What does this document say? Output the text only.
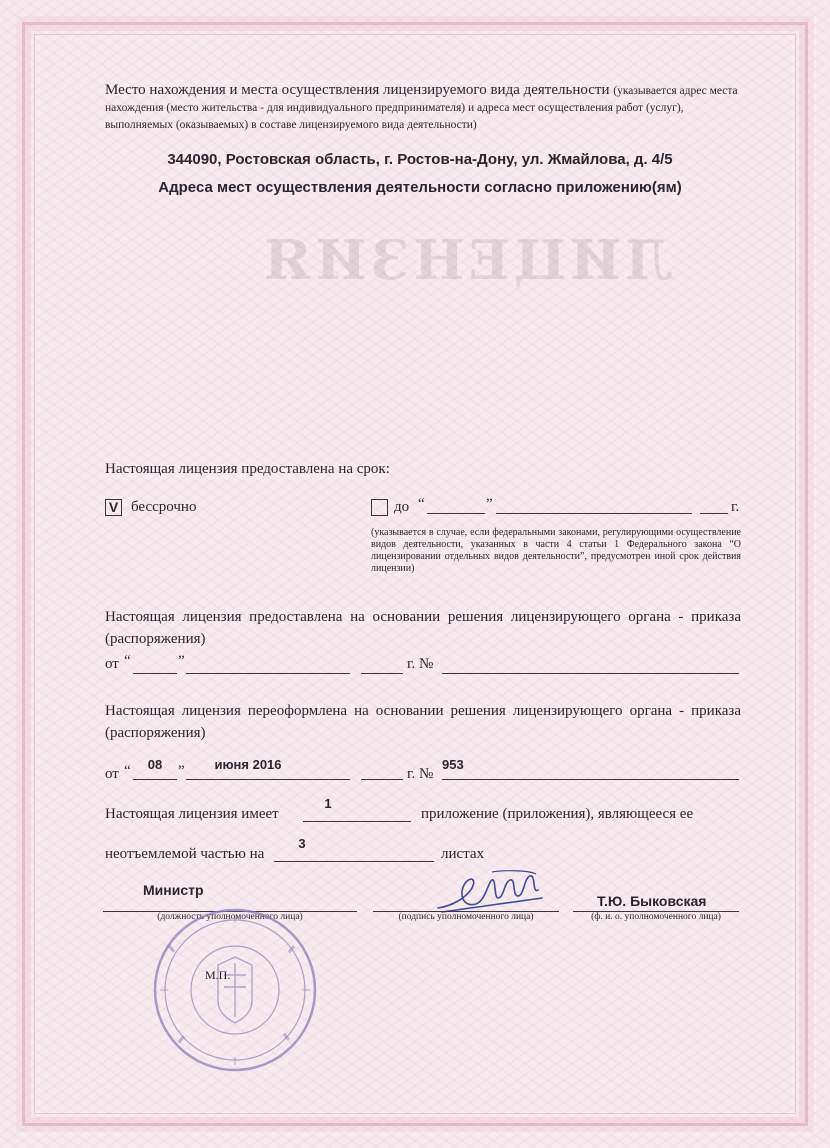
ЛИЦЕНЗИЯ
Место нахождения и места осуществления лицензируемого вида деятельности (указывается адрес места нахождения (место жительства - для индивидуального предпринимателя) и адреса мест осуществления работ (услуг), выполняемых (оказываемых) в составе лицензируемого вида деятельности)
344090, Ростовская область, г. Ростов-на-Дону, ул. Жмайлова, д. 4/5
Адреса мест осуществления деятельности согласно приложению(ям)
Настоящая лицензия предоставлена на срок:
V бессрочно	до “	”	г.
(указывается в случае, если федеральными законами, регулирующими осуществление видов деятельности, указанных в части 4 статьи 1 Федерального закона “О лицензировании отдельных видов деятельности”, предусмотрен иной срок действия лицензии)
Настоящая лицензия предоставлена на основании решения лицензирующего органа - приказа (распоряжения)
от “	”	г. №
Настоящая лицензия переоформлена на основании решения лицензирующего органа - приказа (распоряжения)
от “	08	”	июня 2016
г. №
953
Настоящая лицензия имеет
1
приложение (приложения), являющееся ее
неотъемлемой частью на
3
листах
Министр
(должность уполномоченного лица)	(подпись уполномоченного лица)
Т.Ю. Быковская
(ф. и. о. уполномоченного лица)
М.П.
